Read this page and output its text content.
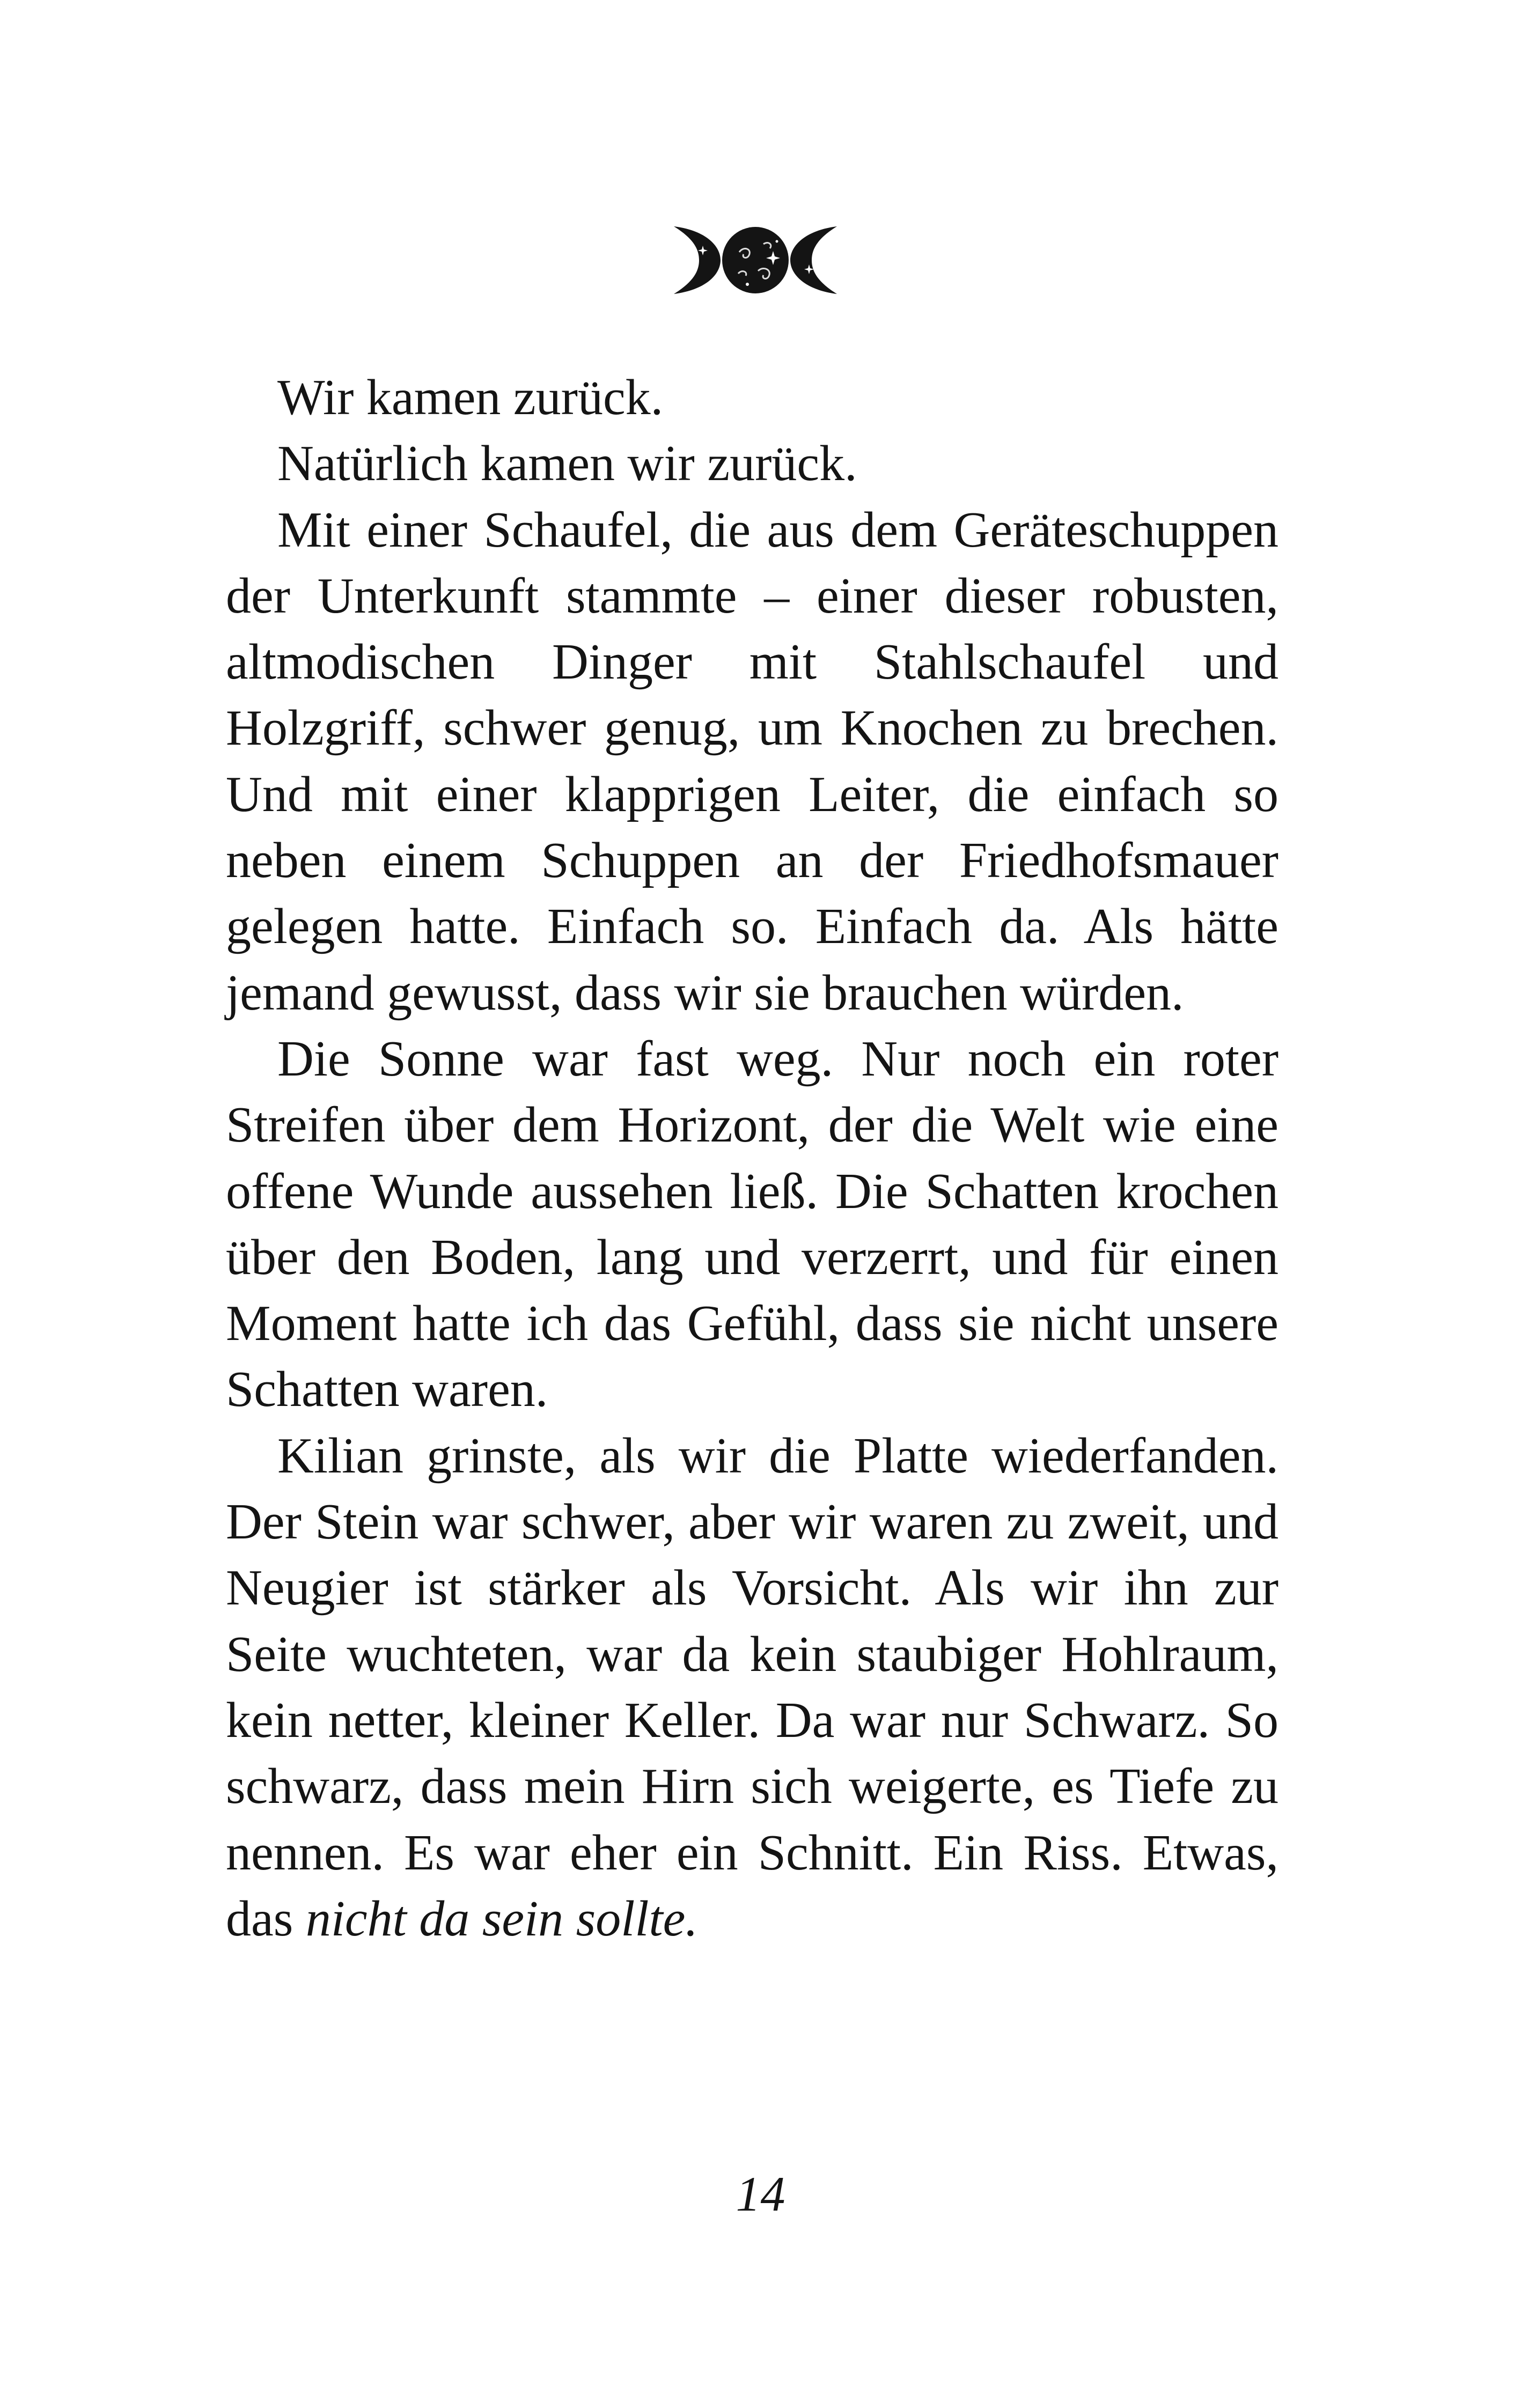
Wir kamen zurück.

Natürlich kamen wir zurück.

Mit einer Schaufel, die aus dem Geräteschuppen der Unterkunft stammte – einer dieser robusten, altmodischen Dinger mit Stahlschaufel und Holzgriff, schwer genug, um Knochen zu brechen. Und mit einer klapprigen Leiter, die einfach so neben einem Schuppen an der Friedhofsmauer gelegen hatte. Einfach so. Einfach da. Als hätte jemand gewusst, dass wir sie brauchen würden.

Die Sonne war fast weg. Nur noch ein roter Streifen über dem Horizont, der die Welt wie eine offene Wunde aussehen ließ. Die Schatten krochen über den Boden, lang und verzerrt, und für einen Moment hatte ich das Gefühl, dass sie nicht unsere Schatten waren.

Kilian grinste, als wir die Platte wiederfanden. Der Stein war schwer, aber wir waren zu zweit, und Neugier ist stärker als Vorsicht. Als wir ihn zur Seite wuchteten, war da kein staubiger Hohlraum, kein netter, kleiner Keller. Da war nur Schwarz. So schwarz, dass mein Hirn sich weigerte, es Tiefe zu nennen. Es war eher ein Schnitt. Ein Riss. Etwas, das nicht da sein sollte.

14
